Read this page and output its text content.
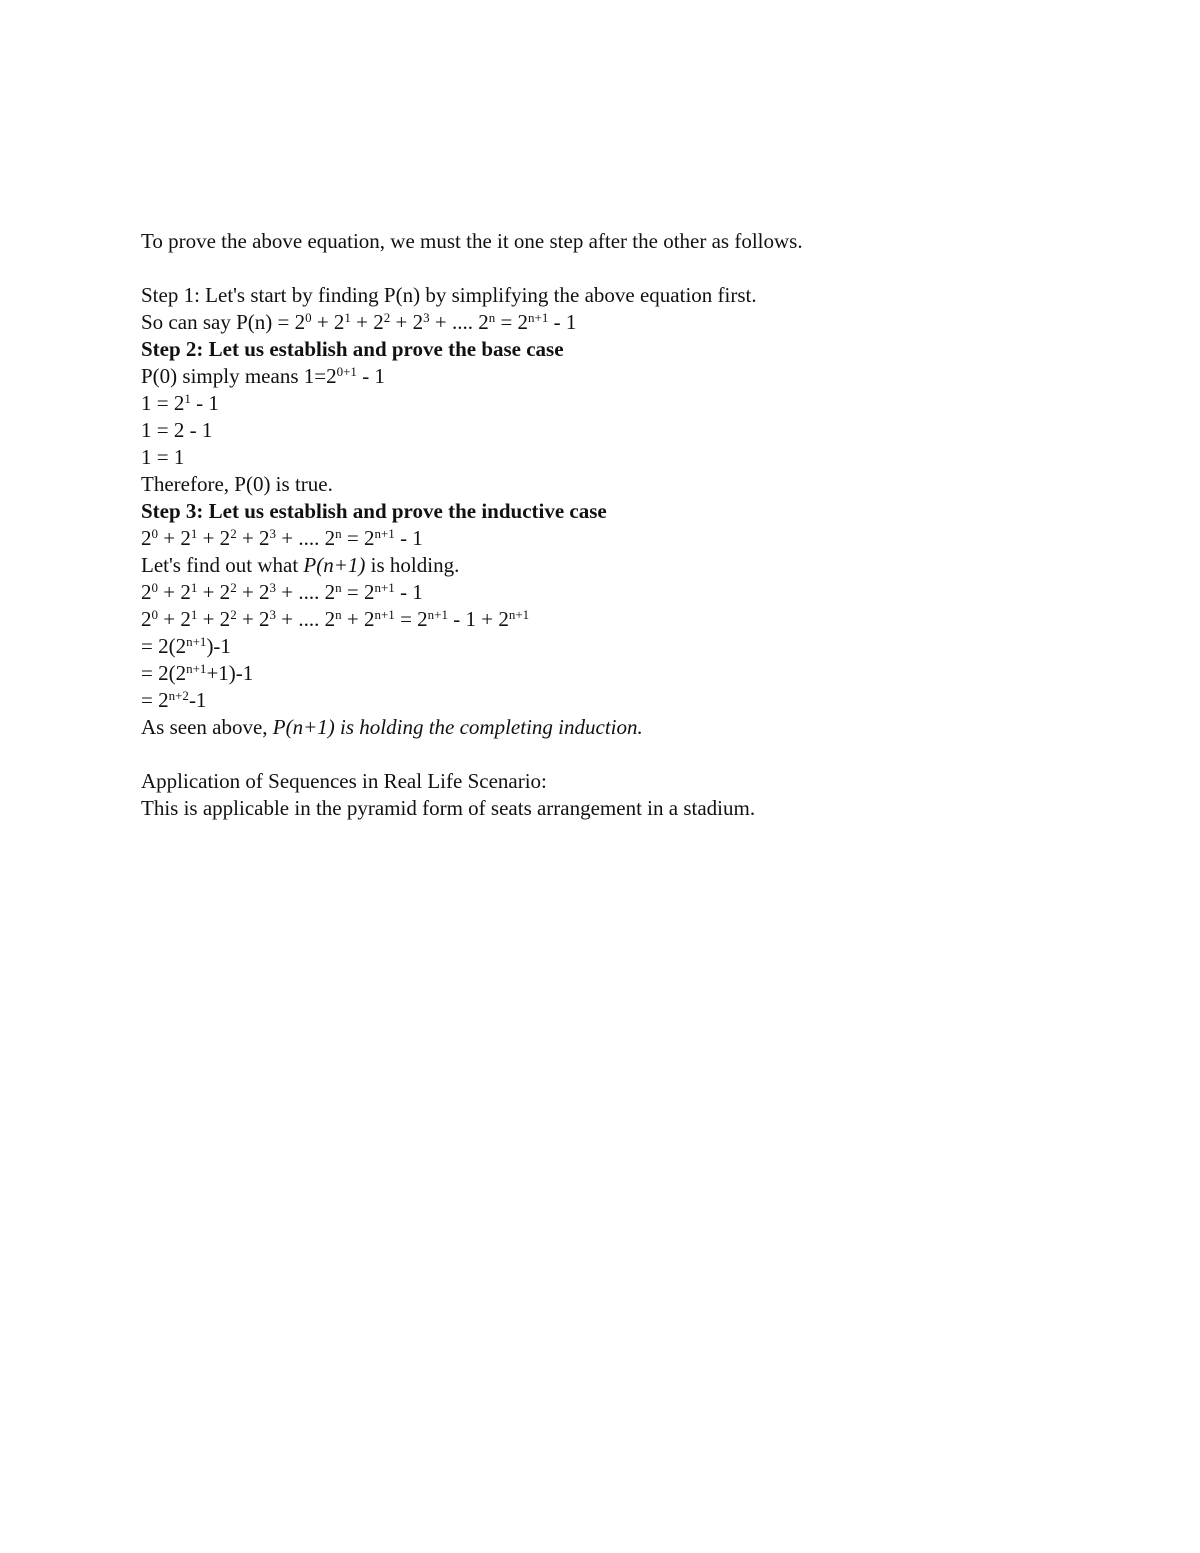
To prove the above equation, we must the it one step after the other as follows.
Step 1: Let's start by finding P(n) by simplifying the above equation first.
So can say $P(n) = 2^0 + 2^1 + 2^2 + 2^3$ + .... $2^n = 2^{n+1} - 1$
Step 2: Let us establish and prove the base case
P(0) simply means $1=2^{0+1} - 1$
$1 = 2^1 - 1$
1 = 2 - 1
1 = 1
Therefore, P(0) is true.
Step 3: Let us establish and prove the inductive case
$2^0 + 2^1 + 2^2 + 2^3$ + .... $2^n = 2^{n+1} - 1$
Let's find out what P(n+1) is holding.
$2^0 + 2^1 + 2^2 + 2^3$ + .... $2^n = 2^{n+1} - 1$
$2^0 + 2^1 + 2^2 + 2^3$ + .... $2^n + 2^{n+1} = 2^{n+1} - 1 + 2^{n+1}$
= $2(2^{n+1})-1$
= $2(2^{n+1}+1)-1$
= $2^{n+2}-1$
As seen above, P(n+1) is holding the completing induction.
Application of Sequences in Real Life Scenario:
This is applicable in the pyramid form of seats arrangement in a stadium.
